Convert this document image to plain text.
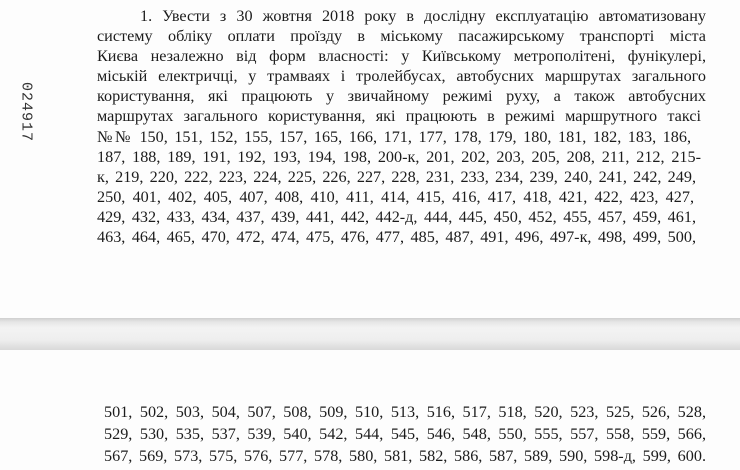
024917
1. Увести з 30 жовтня 2018 року в дослідну експлуатацію автоматизовану
систему обліку оплати проїзду в міському пасажирському транспорті міста
Києва незалежно від форм власності: у Київському метрополітені, фунікулері,
міській електричці, у трамваях і тролейбусах, автобусних маршрутах загального
користування, які працюють у звичайному режимі руху, а також автобусних
маршрутах загального користування, які працюють в режимі маршрутного таксі
№№ 150, 151, 152, 155, 157, 165, 166, 171, 177, 178, 179, 180, 181, 182, 183, 186,
187, 188, 189, 191, 192, 193, 194, 198, 200-к, 201, 202, 203, 205, 208, 211, 212, 215-
к, 219, 220, 222, 223, 224, 225, 226, 227, 228, 231, 233, 234, 239, 240, 241, 242, 249,
250, 401, 402, 405, 407, 408, 410, 411, 414, 415, 416, 417, 418, 421, 422, 423, 427,
429, 432, 433, 434, 437, 439, 441, 442, 442-д, 444, 445, 450, 452, 455, 457, 459, 461,
463, 464, 465, 470, 472, 474, 475, 476, 477, 485, 487, 491, 496, 497-к, 498, 499, 500,
501, 502, 503, 504, 507, 508, 509, 510, 513, 516, 517, 518, 520, 523, 525, 526, 528,
529, 530, 535, 537, 539, 540, 542, 544, 545, 546, 548, 550, 555, 557, 558, 559, 566,
567, 569, 573, 575, 576, 577, 578, 580, 581, 582, 586, 587, 589, 590, 598-д, 599, 600.
